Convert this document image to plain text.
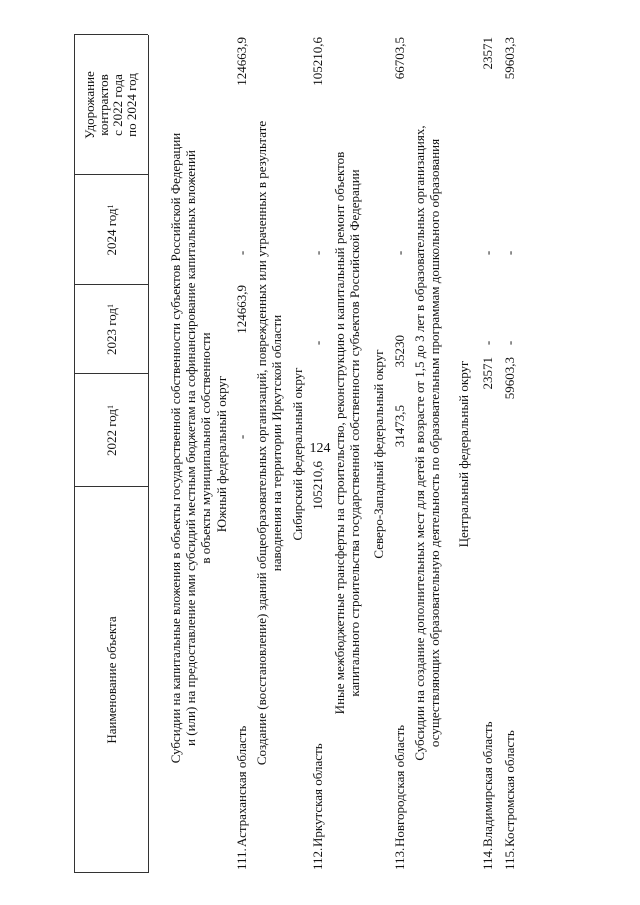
124
Наименование объекта
2022 год
1
2023 год
1
2024 год
1
Удорожание контрактов с 2022 года по 2024 год
Субсидии на капитальные вложения в объекты государственной собственности субъектов Российской Федерации и (или) на предоставление ими субсидий местным бюджетам на софинансирование капитальных вложений в объекты муниципальной собственности Южный федеральный округ
111.
Астраханская область
-
124663,9
-
124663,9
Создание (восстановление) зданий общеобразовательных организаций, поврежденных или утраченных в результате наводнения на территории Иркутской области Сибирский федеральный округ
112.
Иркутская область
105210,6
-
-
105210,6
Иные межбюджетные трансферты на строительство, реконструкцию и капитальный ремонт объектов капитального строительства государственной собственности субъектов Российской Федерации Северо-Западный федеральный округ
113.
Новгородская область
31473,5
35230
-
66703,5
Субсидии на создание дополнительных мест для детей в возрасте от 1,5 до 3 лет в образовательных организациях, осуществляющих образовательную деятельность по образовательным программам дошкольного образования Центральный федеральный округ
114.
Владимирская область
23571
-
-
23571
115.
Костромская область
59603,3
-
-
59603,3
